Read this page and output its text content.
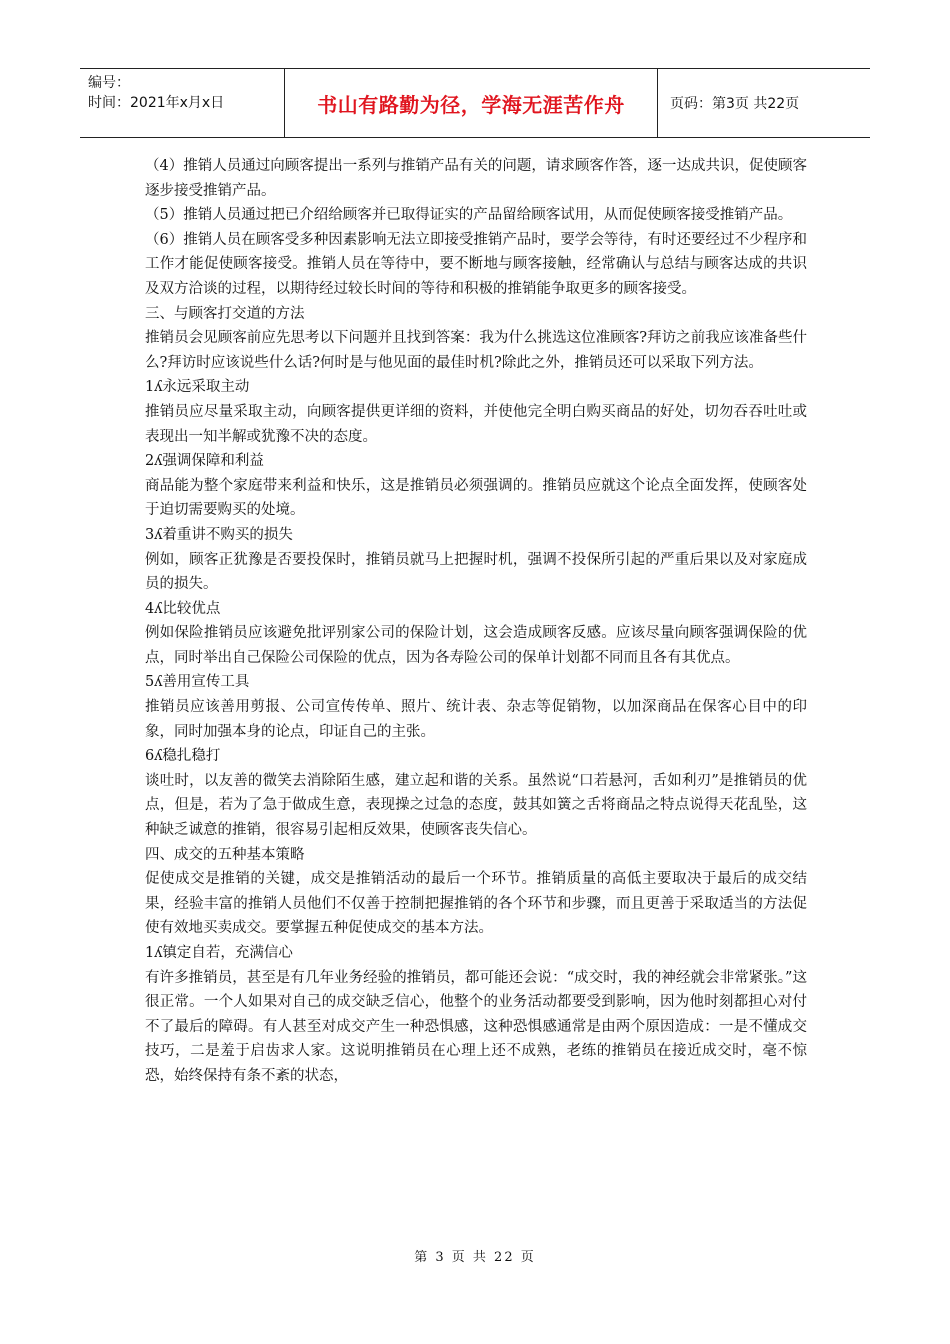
编号：
时间：2021年x月x日	书山有路勤为径，学海无涯苦作舟	页码：第3页 共22页

（4）推销人员通过向顾客提出一系列与推销产品有关的问题，请求顾客作答，逐一达成共识，促使顾客逐步接受推销产品。

（5）推销人员通过把已介绍给顾客并已取得证实的产品留给顾客试用，从而促使顾客接受推销产品。

（6）推销人员在顾客受多种因素影响无法立即接受推销产品时，要学会等待，有时还要经过不少程序和工作才能促使顾客接受。推销人员在等待中，要不断地与顾客接触，经常确认与总结与顾客达成的共识及双方洽谈的过程，以期待经过较长时间的等待和积极的推销能争取更多的顾客接受。

三、与顾客打交道的方法

推销员会见顾客前应先思考以下问题并且找到答案：我为什么挑选这位准顾客?拜访之前我应该准备些什么?拜访时应该说些什么话?何时是与他见面的最佳时机?除此之外，推销员还可以采取下列方法。

1ʎ永远采取主动

推销员应尽量采取主动，向顾客提供更详细的资料，并使他完全明白购买商品的好处，切勿吞吞吐吐或表现出一知半解或犹豫不决的态度。

2ʎ强调保障和利益

商品能为整个家庭带来利益和快乐，这是推销员必须强调的。推销员应就这个论点全面发挥，使顾客处于迫切需要购买的处境。

3ʎ着重讲不购买的损失

例如，顾客正犹豫是否要投保时，推销员就马上把握时机，强调不投保所引起的严重后果以及对家庭成员的损失。

4ʎ比较优点

例如保险推销员应该避免批评别家公司的保险计划，这会造成顾客反感。应该尽量向顾客强调保险的优点，同时举出自己保险公司保险的优点，因为各寿险公司的保单计划都不同而且各有其优点。

5ʎ善用宣传工具

推销员应该善用剪报、公司宣传传单、照片、统计表、杂志等促销物，以加深商品在保客心目中的印象，同时加强本身的论点，印证自己的主张。

6ʎ稳扎稳打

谈吐时，以友善的微笑去消除陌生感，建立起和谐的关系。虽然说“口若悬河，舌如利刃”是推销员的优点，但是，若为了急于做成生意，表现操之过急的态度，鼓其如簧之舌将商品之特点说得天花乱坠，这种缺乏诚意的推销，很容易引起相反效果，使顾客丧失信心。

四、成交的五种基本策略

促使成交是推销的关键，成交是推销活动的最后一个环节。推销质量的高低主要取决于最后的成交结果，经验丰富的推销人员他们不仅善于控制把握推销的各个环节和步骤，而且更善于采取适当的方法促使有效地买卖成交。要掌握五种促使成交的基本方法。

1ʎ镇定自若，充满信心

有许多推销员，甚至是有几年业务经验的推销员，都可能还会说：“成交时，我的神经就会非常紧张。”这很正常。一个人如果对自己的成交缺乏信心，他整个的业务活动都要受到影响，因为他时刻都担心对付不了最后的障碍。有人甚至对成交产生一种恐惧感，这种恐惧感通常是由两个原因造成：一是不懂成交技巧，二是羞于启齿求人家。这说明推销员在心理上还不成熟，老练的推销员在接近成交时，毫不惊恐，始终保持有条不紊的状态，

第 3 页 共 22 页
